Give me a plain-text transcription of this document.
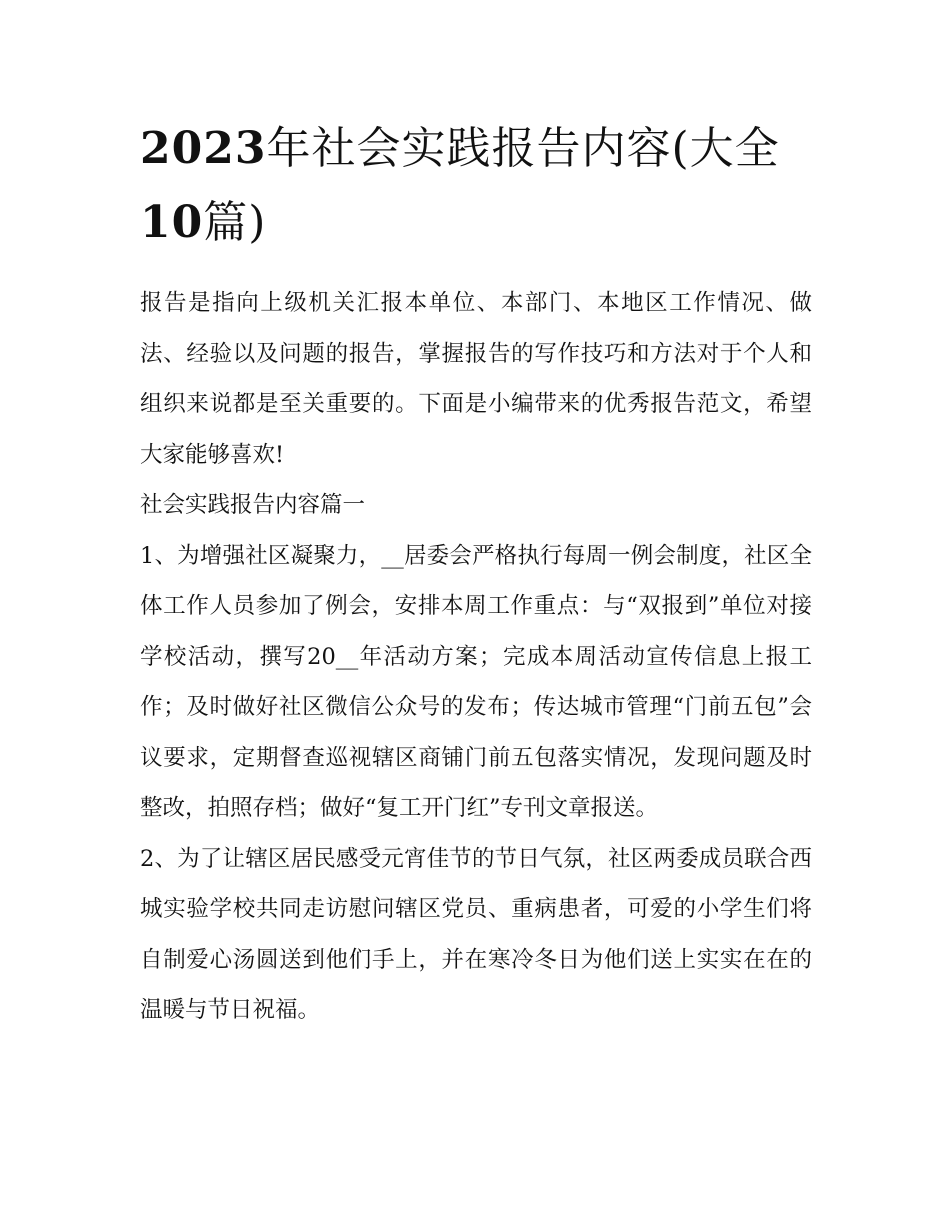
2023年社会实践报告内容(大全10篇)

报告是指向上级机关汇报本单位、本部门、本地区工作情况、做法、经验以及问题的报告，掌握报告的写作技巧和方法对于个人和组织来说都是至关重要的。下面是小编带来的优秀报告范文，希望大家能够喜欢!

社会实践报告内容篇一

1、为增强社区凝聚力，__居委会严格执行每周一例会制度，社区全体工作人员参加了例会，安排本周工作重点：与“双报到”单位对接学校活动，撰写20__年活动方案；完成本周活动宣传信息上报工作；及时做好社区微信公众号的发布；传达城市管理“门前五包”会议要求，定期督查巡视辖区商铺门前五包落实情况，发现问题及时整改，拍照存档；做好“复工开门红”专刊文章报送。

2、为了让辖区居民感受元宵佳节的节日气氛，社区两委成员联合西城实验学校共同走访慰问辖区党员、重病患者，可爱的小学生们将自制爱心汤圆送到他们手上，并在寒冷冬日为他们送上实实在在的温暖与节日祝福。
